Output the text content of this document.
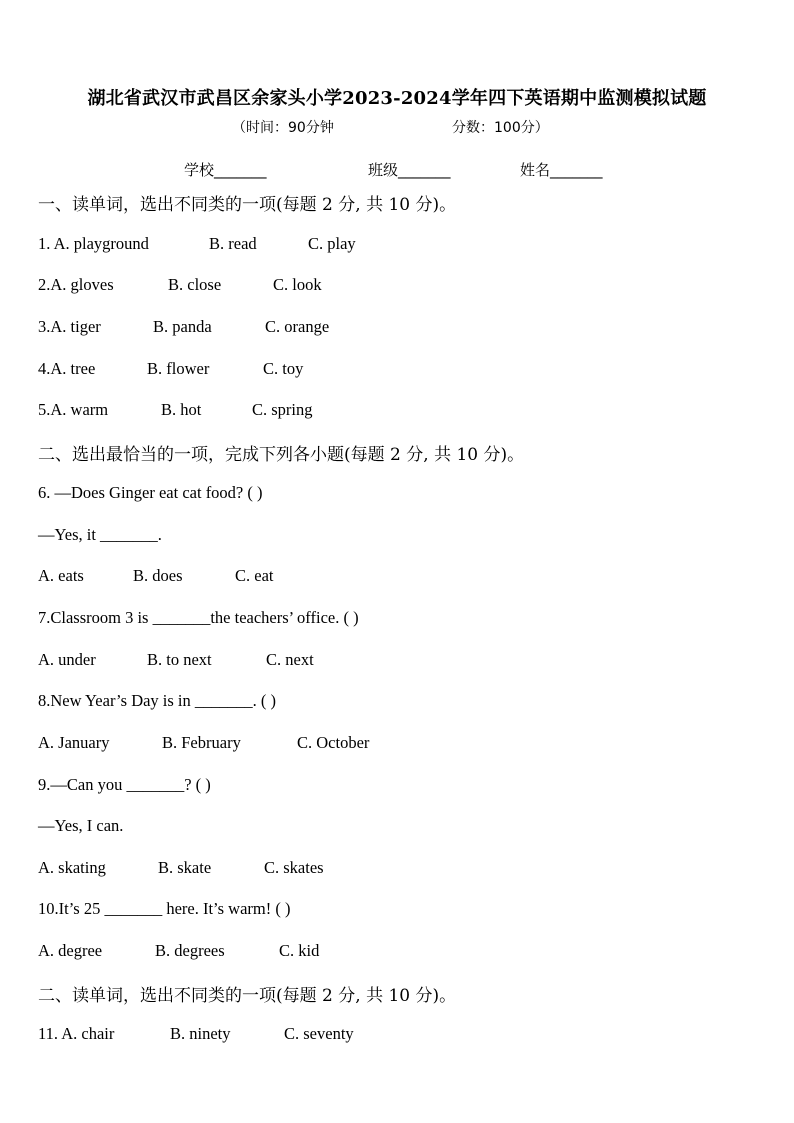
湖北省武汉市武昌区余家头小学2023-2024学年四下英语期中监测模拟试题
（时间：90分钟	分数：100分）
学校_______	班级_______	姓名_______
一、读单词，选出不同类的一项(每题 2 分, 共 10 分)。
1. A. playground	B. read	C. play
2.A. gloves	B. close	C. look
3.A. tiger	B. panda	C. orange
4.A. tree	B. flower	C. toy
5.A. warm	B. hot	C. spring
二、选出最恰当的一项，完成下列各小题(每题 2 分, 共 10 分)。
6. —Does Ginger eat cat food? ( )
—Yes, it _______.
A. eats	B. does	C. eat
7.Classroom 3 is _______the teachers’ office. ( )
A. under	B. to next	C. next
8.New Year’s Day is in _______. ( )
A. January	B. February	C. October
9.—Can you _______? ( )
—Yes, I can.
A. skating	B. skate	C. skates
10.It’s 25 _______ here. It’s warm! ( )
A. degree	B. degrees	C. kid
二、读单词，选出不同类的一项(每题 2 分, 共 10 分)。
11. A. chair	B. ninety	C. seventy
